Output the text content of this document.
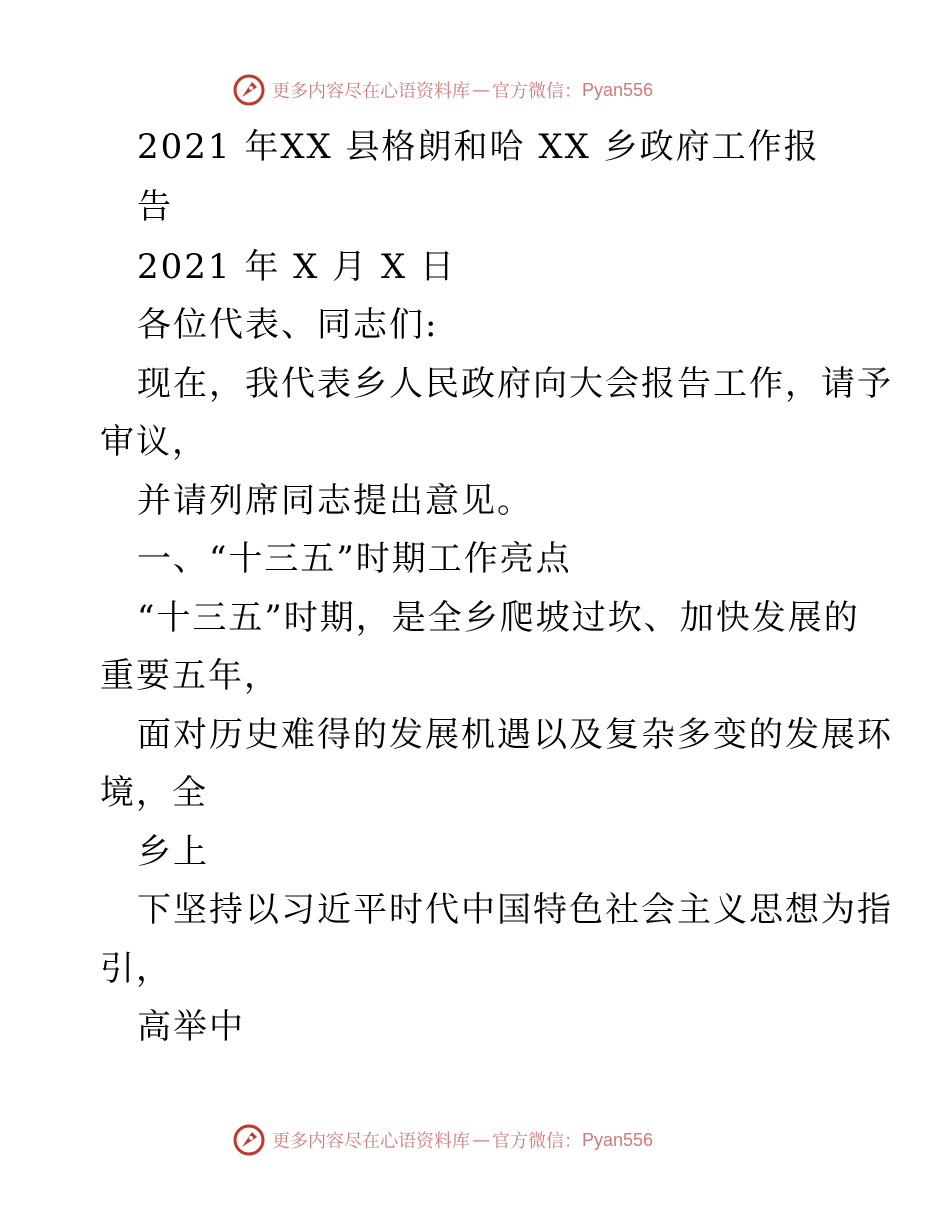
更多内容尽在心语资料库 — 官方微信： Pyan556
2021 年XX 县格朗和哈 XX 乡政府工作报
告
2021 年 X 月 X 日
各位代表、同志们:
现在，我代表乡人民政府向大会报告工作，请予
审议，
并请列席同志提出意见。
一、“十三五”时期工作亮点
“十三五”时期，是全乡爬坡过坎、加快发展的
重要五年，
面对历史难得的发展机遇以及复杂多变的发展环
境，全
乡上
下坚持以习近平时代中国特色社会主义思想为指
引，
高举中
更多内容尽在心语资料库 — 官方微信： Pyan556
